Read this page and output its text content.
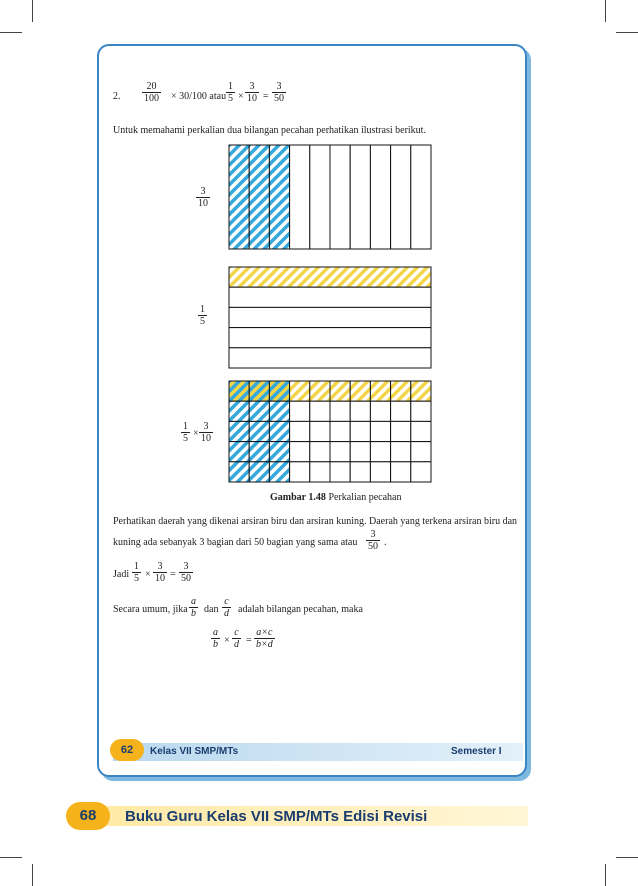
2. $\frac{20}{100} \times 30/100$ atau $\frac{1}{5} \times \frac{3}{10} = \frac{3}{50}$
Untuk memahami perkalian dua bilangan pecahan perhatikan ilustrasi berikut.
$\frac{3}{10}$
$\frac{1}{5}$
$\frac{1}{5} \times \frac{3}{10}$
Gambar 1.48 Perkalian pecahan
Perhatikan daerah yang dikenai arsiran biru dan arsiran kuning. Daerah yang terkena arsiran biru dan
kuning ada sebanyak 3 bagian dari 50 bagian yang sama atau $\frac{3}{50}$ .
Jadi $\frac{1}{5} \times \frac{3}{10} = \frac{3}{50}$
Secara umum, jika $\frac{a}{b}$ dan $\frac{c}{d}$ adalah bilangan pecahan, maka
$\frac{a}{b} \times \frac{c}{d} = \frac{a\times c}{b\times d}$
62	Kelas VII SMP/MTs	Semester I
68	Buku Guru Kelas VII SMP/MTs Edisi Revisi
